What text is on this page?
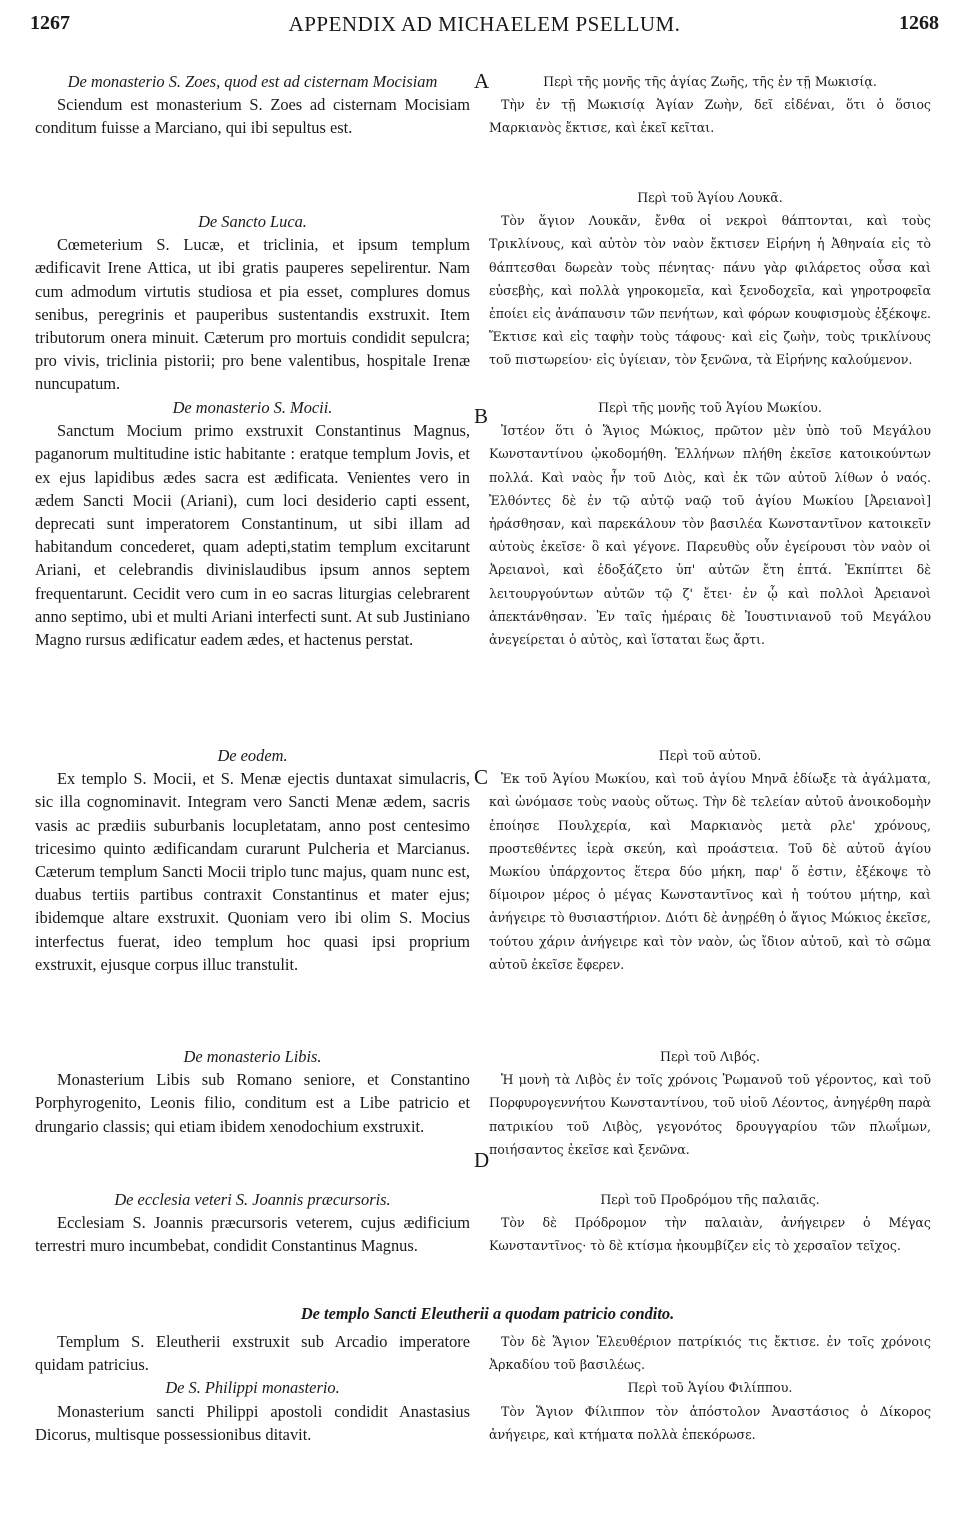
1267	APPENDIX AD MICHAELEM PSELLUM.	1268
A
B
C
D
De monasterio S. Zoes, quod est ad cisternam Mocisiam
Sciendum est monasterium S. Zoes ad cisternam Mocisiam conditum fuisse a Marciano, qui ibi sepultus est.
De Sancto Luca.
Cœmeterium S. Lucæ, et triclinia, et ipsum templum ædificavit Irene Attica, ut ibi gratis pauperes sepelirentur. Nam cum admodum virtutis studiosa et pia esset, complures domus senibus, peregrinis et pauperibus sustentandis exstruxit. Item tributorum onera minuit. Cæterum pro mortuis condidit sepulcra; pro vivis, triclinia pistorii; pro bene valentibus, hospitale Irenæ nuncupatum.
De monasterio S. Mocii.
Sanctum Mocium primo exstruxit Constantinus Magnus, paganorum multitudine istic habitante : eratque templum Jovis, et ex ejus lapidibus ædes sacra est ædificata. Venientes vero in ædem Sancti Mocii (Ariani), cum loci desiderio capti essent, deprecati sunt imperatorem Constantinum, ut sibi illam ad habitandum concederet, quam adepti,statim templum excitarunt Ariani, et celebrandis divinislaudibus ipsum annos septem frequentarunt. Cecidit vero cum in eo sacras liturgias celebrarent anno septimo, ubi et multi Ariani interfecti sunt. At sub Justiniano Magno rursus ædificatur eadem ædes, et hactenus perstat.
De eodem.
Ex templo S. Mocii, et S. Menæ ejectis duntaxat simulacris, sic illa cognominavit. Integram vero Sancti Menæ ædem, sacris vasis ac prædiis suburbanis locupletatam, anno post centesimo tricesimo quinto ædificandam curarunt Pulcheria et Marcianus. Cæterum templum Sancti Mocii triplo tunc majus, quam nunc est, duabus tertiis partibus contraxit Constantinus et mater ejus; ibidemque altare exstruxit. Quoniam vero ibi olim S. Mocius interfectus fuerat, ideo templum hoc quasi ipsi proprium exstruxit, ejusque corpus illuc transtulit.
De monasterio Libis.
Monasterium Libis sub Romano seniore, et Constantino Porphyrogenito, Leonis filio, conditum est a Libe patricio et drungario classis; qui etiam ibidem xenodochium exstruxit.
De ecclesia veteri S. Joannis præcursoris.
Ecclesiam S. Joannis præcursoris veterem, cujus ædificium terrestri muro incumbebat, condidit Constantinus Magnus.
Templum S. Eleutherii exstruxit sub Arcadio imperatore quidam patricius.
De S. Philippi monasterio.
Monasterium sancti Philippi apostoli condidit Anastasius Dicorus, multisque possessionibus ditavit.
De templo Sancti Eleutherii a quodam patricio condito.
Περὶ τῆς μονῆς τῆς ἁγίας Ζωῆς, τῆς ἐν τῇ Μωκισίᾳ.
Τὴν ἐν τῇ Μωκισίᾳ Ἁγίαν Ζωὴν, δεῖ εἰδέναι, ὅτι ὁ ὅσιος Μαρκιανὸς ἔκτισε, καὶ ἐκεῖ κεῖται.
Περὶ τοῦ Ἁγίου Λουκᾶ.
Τὸν ἅγιον Λουκᾶν, ἔνθα οἱ νεκροὶ θάπτονται, καὶ τοὺς Τρικλίνους, καὶ αὐτὸν τὸν ναὸν ἔκτισεν Εἰρήνη ἡ Ἀθηναία εἰς τὸ θάπτεσθαι δωρεὰν τοὺς πένητας· πάνυ γὰρ φιλάρετος οὖσα καὶ εὐσεβὴς, καὶ πολλὰ γηροκομεῖα, καὶ ξενοδοχεῖα, καὶ γηροτροφεῖα ἐποίει εἰς ἀνάπαυσιν τῶν πενήτων, καὶ φόρων κουφισμοὺς ἐξέκοψε. Ἔκτισε καὶ εἰς ταφὴν τοὺς τάφους· καὶ εἰς ζωὴν, τοὺς τρικλίνους τοῦ πιστωρείου· εἰς ὑγίειαν, τὸν ξενῶνα, τὰ Εἰρήνης καλούμενον.
Περὶ τῆς μονῆς τοῦ Ἁγίου Μωκίου.
Ἰστέον ὅτι ὁ Ἅγιος Μώκιος, πρῶτον μὲν ὑπὸ τοῦ Μεγάλου Κωνσταντίνου ᾠκοδομήθη. Ἑλλήνων πλήθη ἐκεῖσε κατοικούντων πολλά. Καὶ ναὸς ἦν τοῦ Διὸς, καὶ ἐκ τῶν αὐτοῦ λίθων ὁ ναός. Ἐλθόντες δὲ ἐν τῷ αὐτῷ ναῷ τοῦ ἁγίου Μωκίου [Ἀρειανοὶ] ἠράσθησαν, καὶ παρεκάλουν τὸν βασιλέα Κωνσταντῖνον κατοικεῖν αὐτοὺς ἐκεῖσε· ὃ καὶ γέγονε. Παρευθὺς οὖν ἐγείρουσι τὸν ναὸν οἱ Ἀρειανοὶ, καὶ ἐδοξάζετο ὑπ' αὐτῶν ἔτη ἑπτά. Ἐκπίπτει δὲ λειτουργούντων αὐτῶν τῷ ζ' ἔτει· ἐν ᾧ καὶ πολλοὶ Ἀρειανοὶ ἀπεκτάνθησαν. Ἐν ταῖς ἡμέραις δὲ Ἰουστινιανοῦ τοῦ Μεγάλου ἀνεγείρεται ὁ αὐτὸς, καὶ ἵσταται ἕως ἄρτι.
Περὶ τοῦ αὐτοῦ.
Ἐκ τοῦ Ἁγίου Μωκίου, καὶ τοῦ ἁγίου Μηνᾶ ἐδίωξε τὰ ἀγάλματα, καὶ ὠνόμασε τοὺς ναοὺς οὕτως. Τὴν δὲ τελείαν αὐτοῦ ἀνοικοδομὴν ἐποίησε Πουλχερία, καὶ Μαρκιανὸς μετὰ ρλε' χρόνους, προστεθέντες ἱερὰ σκεύη, καὶ προάστεια. Τοῦ δὲ αὐτοῦ ἁγίου Μωκίου ὑπάρχοντος ἕτερα δύο μήκη, παρ' ὅ ἐστιν, ἐξέκοψε τὸ δίμοιρον μέρος ὁ μέγας Κωνσταντῖνος καὶ ἡ τούτου μήτηρ, καὶ ἀνήγειρε τὸ θυσιαστήριον. Διότι δὲ ἀνῃρέθη ὁ ἅγιος Μώκιος ἐκεῖσε, τούτου χάριν ἀνήγειρε καὶ τὸν ναὸν, ὡς ἴδιον αὐτοῦ, καὶ τὸ σῶμα αὐτοῦ ἐκεῖσε ἔφερεν.
Περὶ τοῦ Λιβός.
Ἡ μονὴ τὰ Λιβὸς ἐν τοῖς χρόνοις Ῥωμανοῦ τοῦ γέροντος, καὶ τοῦ Πορφυρογεννήτου Κωνσταντίνου, τοῦ υἱοῦ Λέοντος, ἀνηγέρθη παρὰ πατρικίου τοῦ Λιβὸς, γεγονότος δρουγγαρίου τῶν πλωΐμων, ποιήσαντος ἐκεῖσε καὶ ξενῶνα.
Περὶ τοῦ Προδρόμου τῆς παλαιᾶς.
Τὸν δὲ Πρόδρομον τὴν παλαιὰν, ἀνήγειρεν ὁ Μέγας Κωνσταντῖνος· τὸ δὲ κτίσμα ἠκουμβίζεν εἰς τὸ χερσαῖον τεῖχος.
Τὸν δὲ Ἅγιον Ἐλευθέριον πατρίκιός τις ἔκτισε. ἐν τοῖς χρόνοις Ἀρκαδίου τοῦ βασιλέως.
Περὶ τοῦ Ἁγίου Φιλίππου.
Τὸν Ἅγιον Φίλιππον τὸν ἀπόστολον Ἀναστάσιος ὁ Δίκορος ἀνήγειρε, καὶ κτήματα πολλὰ ἐπεκόρωσε.
